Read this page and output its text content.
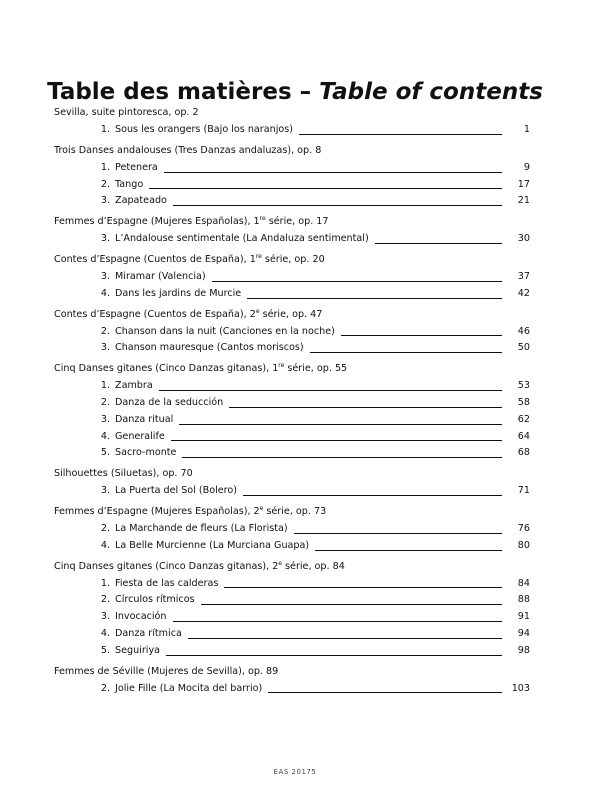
Table des matières – Table of contents
Sevilla, suite pintoresca, op. 2
1. Sous les orangers (Bajo los naranjos)	1
Trois Danses andalouses (Tres Danzas andaluzas), op. 8
1. Petenera	9
2. Tango	17
3. Zapateado	21
Femmes d’Espagne (Mujeres Españolas), 1re série, op. 17
3. L’Andalouse sentimentale (La Andaluza sentimental)	30
Contes d’Espagne (Cuentos de España), 1re série, op. 20
3. Miramar (Valencia)	37
4. Dans les jardins de Murcie	42
Contes d’Espagne (Cuentos de España), 2e série, op. 47
2. Chanson dans la nuit (Canciones en la noche)	46
3. Chanson mauresque (Cantos moriscos)	50
Cinq Danses gitanes (Cinco Danzas gitanas), 1re série, op. 55
1. Zambra	53
2. Danza de la seducción	58
3. Danza ritual	62
4. Generalife	64
5. Sacro-monte	68
Silhouettes (Siluetas), op. 70
3. La Puerta del Sol (Bolero)	71
Femmes d’Espagne (Mujeres Españolas), 2e série, op. 73
2. La Marchande de fleurs (La Florista)	76
4. La Belle Murcienne (La Murciana Guapa)	80
Cinq Danses gitanes (Cinco Danzas gitanas), 2e série, op. 84
1. Fiesta de las calderas	84
2. Círculos rítmicos	88
3. Invocación	91
4. Danza rítmica	94
5. Seguiriya	98
Femmes de Séville (Mujeres de Sevilla), op. 89
2. Jolie Fille (La Mocita del barrio)	103
EAS 20175
